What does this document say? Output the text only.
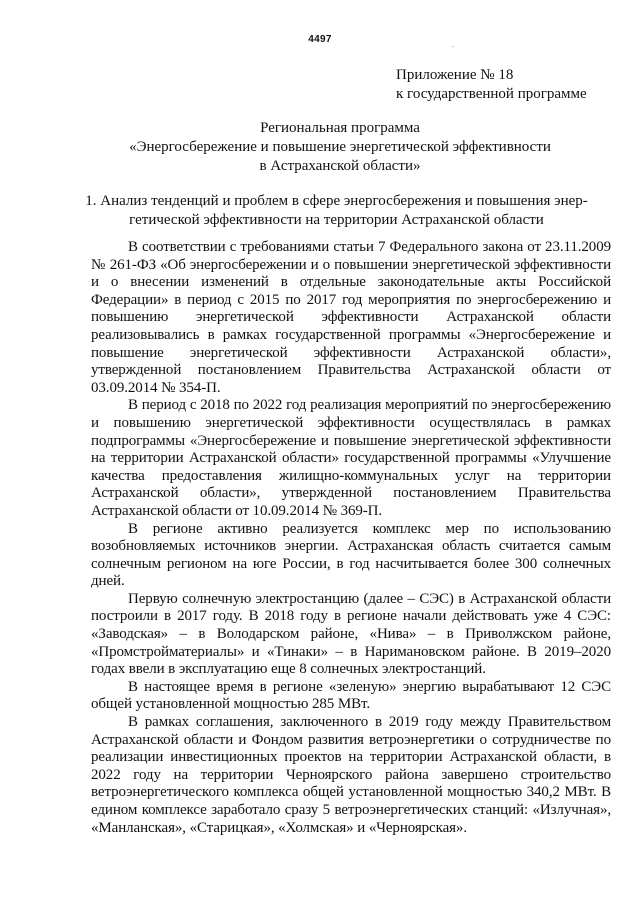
4497	.
Приложение № 18
к государственной программе
Региональная программа
«Энергосбережение и повышение энергетической эффективности
в Астраханской области»
1. Анализ тенденций и проблем в сфере энергосбережения и повышения энер-
гетической эффективности на территории Астраханской области

В соответствии с требованиями статьи 7 Федерального закона от 23.11.2009 № 261-ФЗ «Об энергосбережении и о повышении энергетической эффективности и о внесении изменений в отдельные законодательные акты Российской Федерации» в период с 2015 по 2017 год мероприятия по энергосбережению и повышению энергетической эффективности Астраханской области реализовывались в рамках государственной программы «Энергосбережение и повышение энергетической эффективности Астраханской области», утвержденной постановлением Правительства Астраханской области от 03.09.2014 № 354-П.

В период с 2018 по 2022 год реализация мероприятий по энергосбережению и повышению энергетической эффективности осуществлялась в рамках подпрограммы «Энергосбережение и повышение энергетической эффективности на территории Астраханской области» государственной программы «Улучшение качества предоставления жилищно-коммунальных услуг на территории Астраханской области», утвержденной постановлением Правительства Астраханской области от 10.09.2014 № 369-П.

В регионе активно реализуется комплекс мер по использованию возобновляемых источников энергии. Астраханская область считается самым солнечным регионом на юге России, в год насчитывается более 300 солнечных дней.

Первую солнечную электростанцию (далее – СЭС) в Астраханской области построили в 2017 году. В 2018 году в регионе начали действовать уже 4 СЭС: «Заводская» – в Володарском районе, «Нива» – в Приволжском районе, «Промстройматериалы» и «Тинаки» – в Наримановском районе. В 2019–2020 годах ввели в эксплуатацию еще 8 солнечных электростанций.

В настоящее время в регионе «зеленую» энергию вырабатывают 12 СЭС общей установленной мощностью 285 МВт.

В рамках соглашения, заключенного в 2019 году между Правительством Астраханской области и Фондом развития ветроэнергетики о сотрудничестве по реализации инвестиционных проектов на территории Астраханской области, в 2022 году на территории Черноярского района завершено строительство ветроэнергетического комплекса общей установленной мощностью 340,2 МВт. В едином комплексе заработало сразу 5 ветроэнергетических станций: «Излучная», «Манланская», «Старицкая», «Холмская» и «Черноярская».
